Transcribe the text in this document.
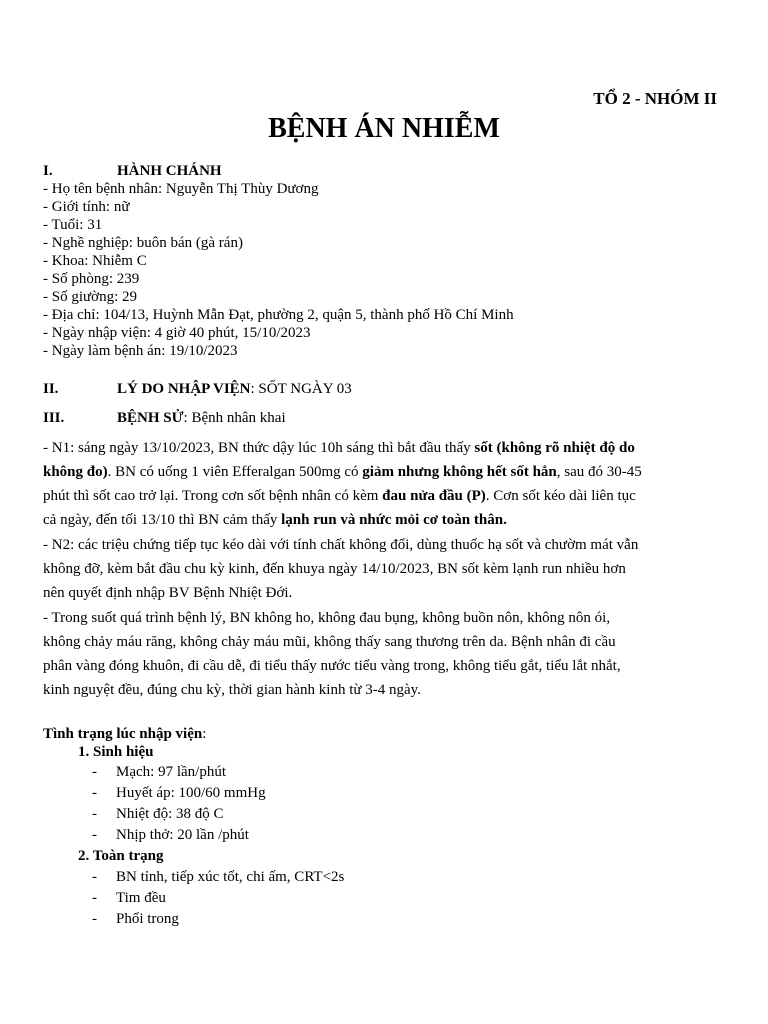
TỔ 2 - NHÓM II
BỆNH ÁN NHIỄM
I.	HÀNH CHÁNH
- Họ tên bệnh nhân: Nguyễn Thị Thùy Dương
- Giới tính: nữ
- Tuổi: 31
- Nghề nghiệp: buôn bán (gà rán)
- Khoa: Nhiễm C
- Số phòng: 239
- Số giường: 29
- Địa chỉ: 104/13, Huỳnh Mẫn Đạt, phường 2, quận 5, thành phố Hồ Chí Minh
- Ngày nhập viện: 4 giờ 40 phút, 15/10/2023
- Ngày làm bệnh án: 19/10/2023
II.	LÝ DO NHẬP VIỆN: SỐT NGÀY 03
III.	BỆNH SỬ: Bệnh nhân khai
- N1: sáng ngày 13/10/2023, BN thức dậy lúc 10h sáng thì bắt đầu thấy sốt (không rõ nhiệt độ do
không đo). BN có uống 1 viên Efferalgan 500mg có giảm nhưng không hết sốt hẳn, sau đó 30-45
phút thì sốt cao trở lại. Trong cơn sốt bệnh nhân có kèm đau nửa đầu (P). Cơn sốt kéo dài liên tục
cả ngày, đến tối 13/10 thì BN cảm thấy lạnh run và nhức mỏi cơ toàn thân.
- N2: các triệu chứng tiếp tục kéo dài với tính chất không đổi, dùng thuốc hạ sốt và chườm mát vẫn
không đỡ, kèm bắt đầu chu kỳ kinh, đến khuya ngày 14/10/2023, BN sốt kèm lạnh run nhiều hơn
nên quyết định nhập BV Bệnh Nhiệt Đới.
- Trong suốt quá trình bệnh lý, BN không ho, không đau bụng, không buồn nôn, không nôn ói,
không chảy máu răng, không chảy máu mũi, không thấy sang thương trên da. Bệnh nhân đi cầu
phân vàng đóng khuôn, đi cầu dễ, đi tiểu thấy nước tiểu vàng trong, không tiểu gắt, tiểu lắt nhắt,
kinh nguyệt đều, đúng chu kỳ, thời gian hành kinh từ 3-4 ngày.
Tình trạng lúc nhập viện:
1. Sinh hiệu
- Mạch: 97 lần/phút
- Huyết áp: 100/60 mmHg
- Nhiệt độ: 38 độ C
- Nhịp thở: 20 lần /phút
2. Toàn trạng
- BN tỉnh, tiếp xúc tốt, chi ấm, CRT<2s
- Tim đều
- Phổi trong
